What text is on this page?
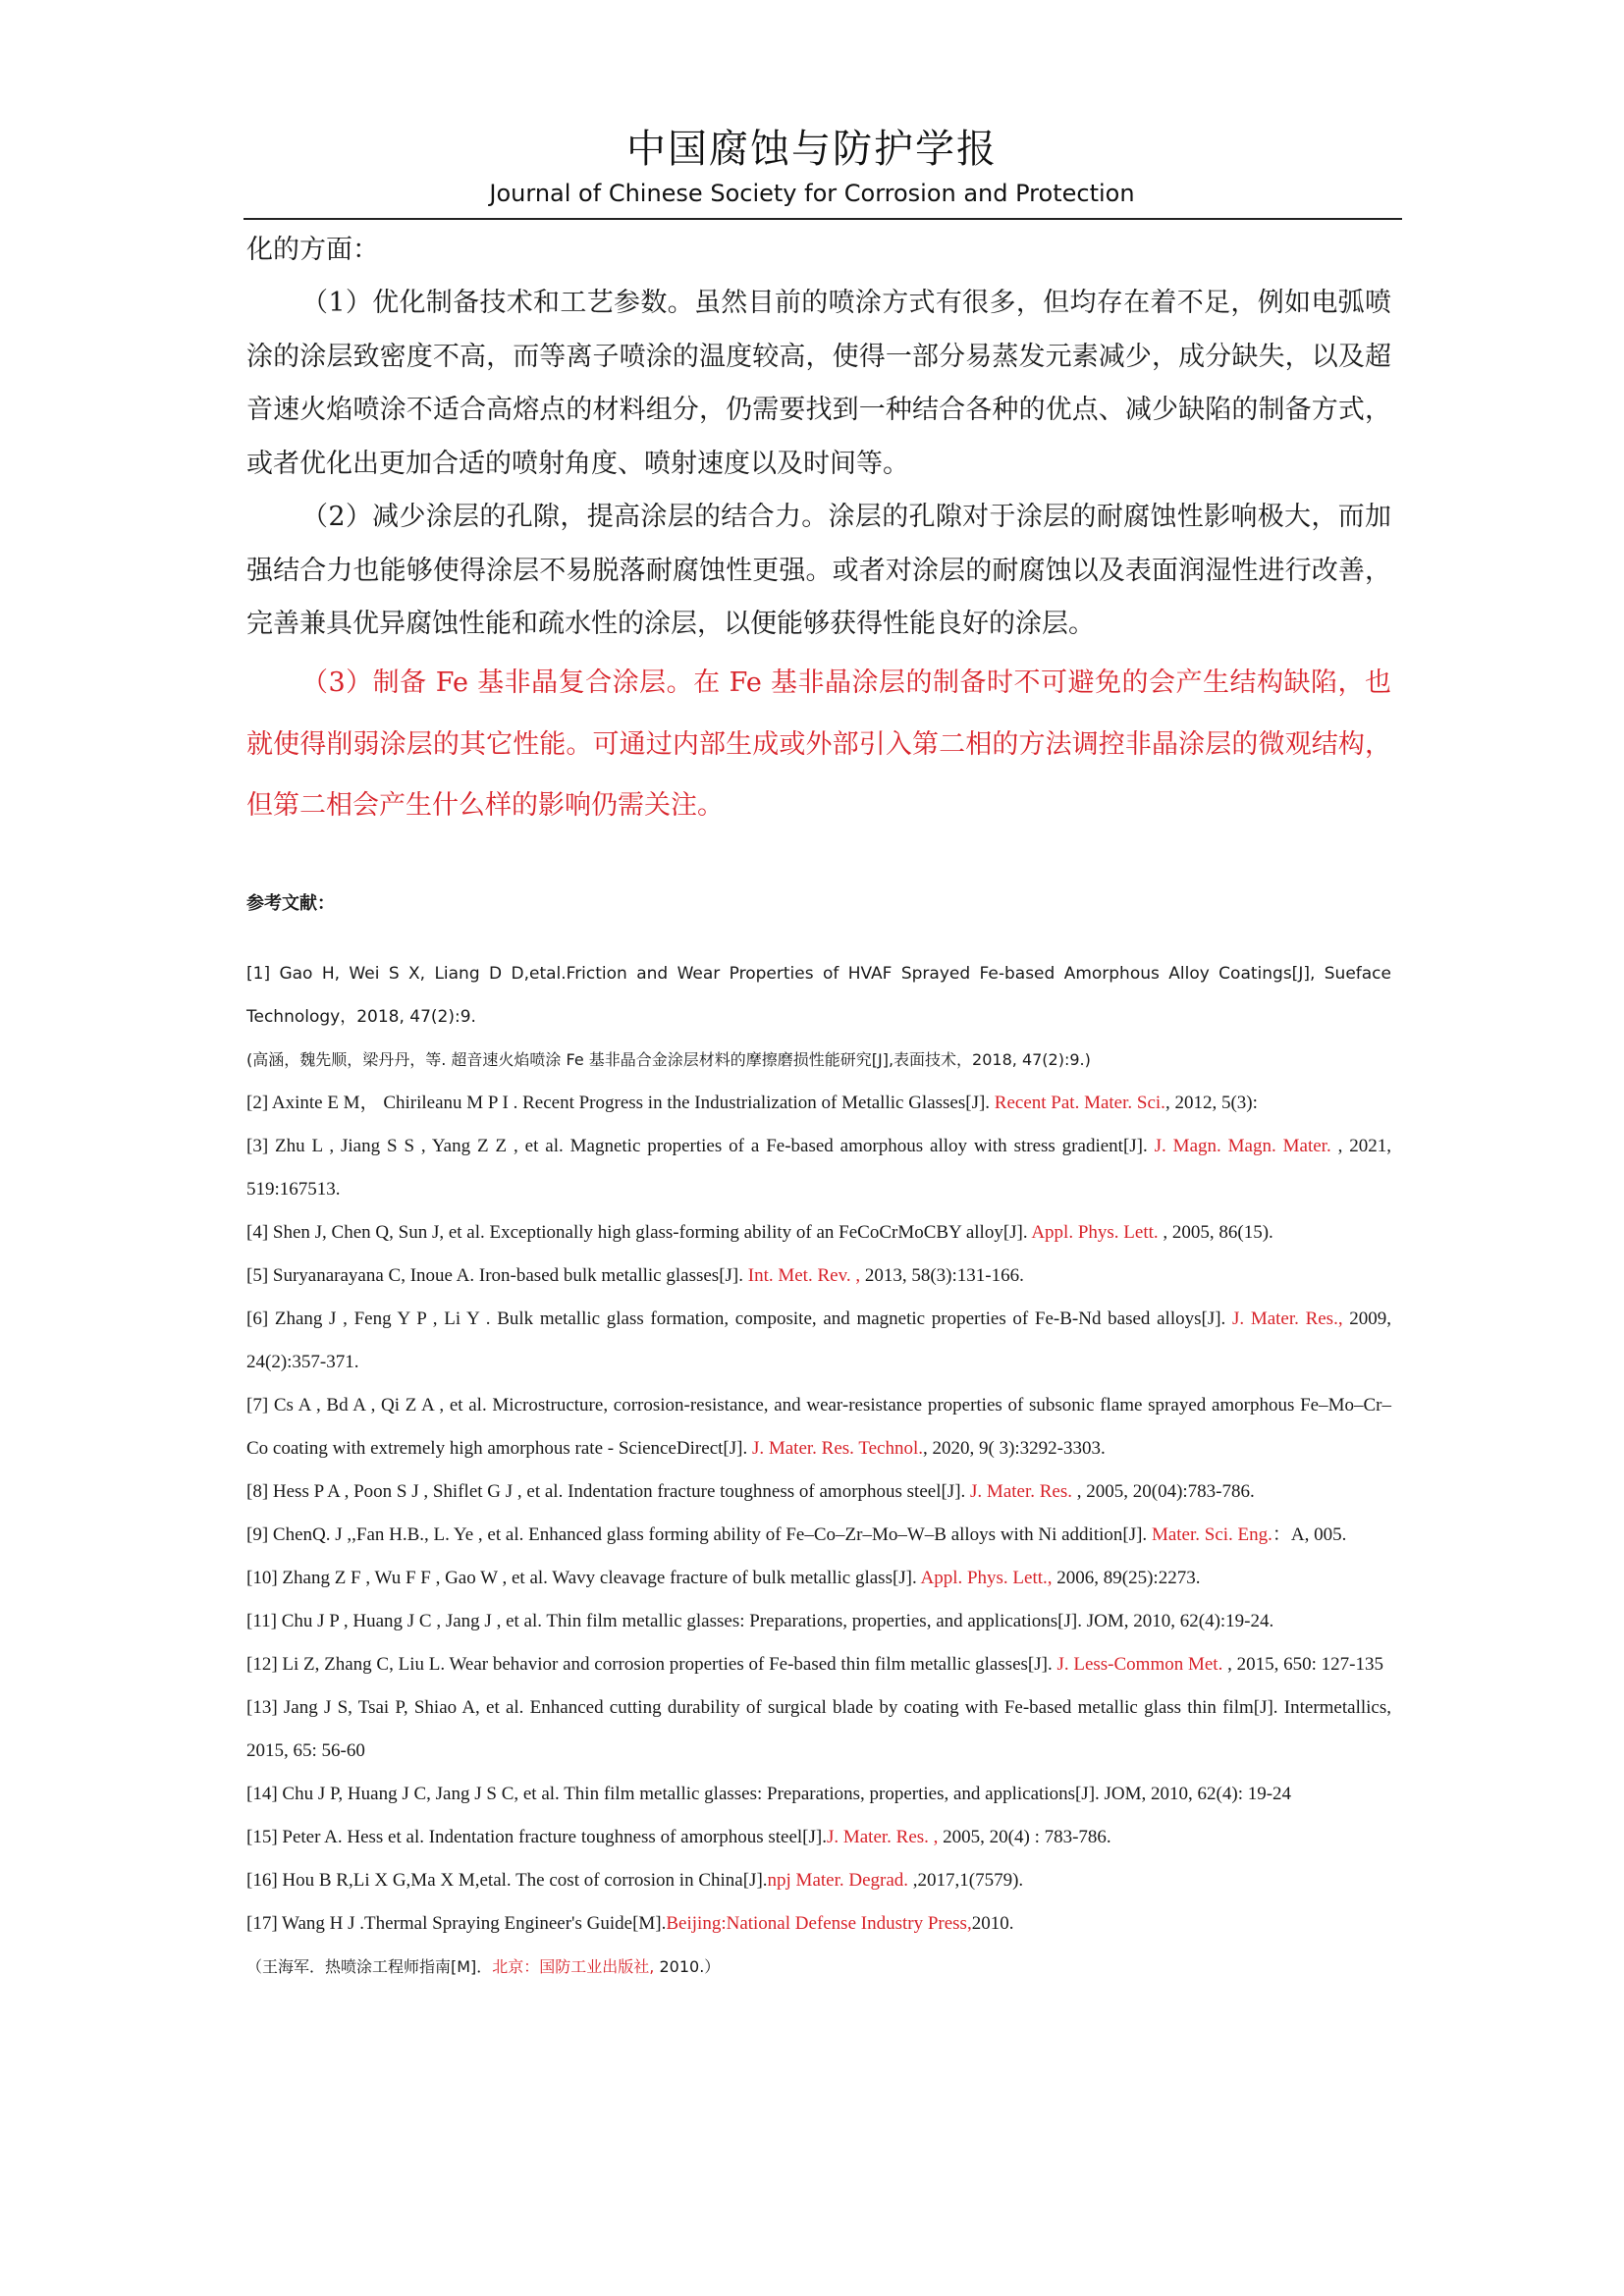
中国腐蚀与防护学报
Journal of Chinese Society for Corrosion and Protection
化的方面：
（1）优化制备技术和工艺参数。虽然目前的喷涂方式有很多，但均存在着不足，例如电弧喷涂的涂层致密度不高，而等离子喷涂的温度较高，使得一部分易蒸发元素减少，成分缺失，以及超音速火焰喷涂不适合高熔点的材料组分，仍需要找到一种结合各种的优点、减少缺陷的制备方式，或者优化出更加合适的喷射角度、喷射速度以及时间等。
（2）减少涂层的孔隙，提高涂层的结合力。涂层的孔隙对于涂层的耐腐蚀性影响极大，而加强结合力也能够使得涂层不易脱落耐腐蚀性更强。或者对涂层的耐腐蚀以及表面润湿性进行改善，完善兼具优异腐蚀性能和疏水性的涂层，以便能够获得性能良好的涂层。
（3）制备 Fe 基非晶复合涂层。在 Fe 基非晶涂层的制备时不可避免的会产生结构缺陷，也就使得削弱涂层的其它性能。可通过内部生成或外部引入第二相的方法调控非晶涂层的微观结构，但第二相会产生什么样的影响仍需关注。
参考文献：
[1] Gao H, Wei S X, Liang D D,etal.Friction and Wear Properties of HVAF Sprayed Fe-based Amorphous Alloy Coatings[J], Sueface Technology，2018, 47(2):9.
(高涵，魏先顺，梁丹丹，等. 超音速火焰喷涂 Fe 基非晶合金涂层材料的摩擦磨损性能研究[J],表面技术，2018, 47(2):9.)
[2] Axinte E M， Chirileanu M P I . Recent Progress in the Industrialization of Metallic Glasses[J]. Recent Pat. Mater. Sci., 2012, 5(3):
[3] Zhu L , Jiang S S , Yang Z Z , et al. Magnetic properties of a Fe-based amorphous alloy with stress gradient[J]. J. Magn. Magn. Mater. , 2021, 519:167513.
[4] Shen J, Chen Q, Sun J, et al. Exceptionally high glass-forming ability of an FeCoCrMoCBY alloy[J]. Appl. Phys. Lett. , 2005, 86(15).
[5] Suryanarayana C, Inoue A. Iron-based bulk metallic glasses[J]. Int. Met. Rev. , 2013, 58(3):131-166.
[6] Zhang J , Feng Y P , Li Y . Bulk metallic glass formation, composite, and magnetic properties of Fe-B-Nd based alloys[J]. J. Mater. Res., 2009, 24(2):357-371.
[7] Cs A , Bd A , Qi Z A , et al. Microstructure, corrosion-resistance, and wear-resistance properties of subsonic flame sprayed amorphous Fe–Mo–Cr–Co coating with extremely high amorphous rate - ScienceDirect[J]. J. Mater. Res. Technol., 2020, 9( 3):3292-3303.
[8] Hess P A , Poon S J , Shiflet G J , et al. Indentation fracture toughness of amorphous steel[J]. J. Mater. Res. , 2005, 20(04):783-786.
[9] ChenQ. J ,,Fan H.B., L. Ye , et al. Enhanced glass forming ability of Fe–Co–Zr–Mo–W–B alloys with Ni addition[J]. Mater. Sci. Eng.：A, 005.
[10] Zhang Z F , Wu F F , Gao W , et al. Wavy cleavage fracture of bulk metallic glass[J]. Appl. Phys. Lett., 2006, 89(25):2273.
[11] Chu J P , Huang J C , Jang J , et al. Thin film metallic glasses: Preparations, properties, and applications[J]. JOM, 2010, 62(4):19-24.
[12] Li Z, Zhang C, Liu L. Wear behavior and corrosion properties of Fe-based thin film metallic glasses[J]. J. Less-Common Met. , 2015, 650: 127-135
[13] Jang J S, Tsai P, Shiao A, et al. Enhanced cutting durability of surgical blade by coating with Fe-based metallic glass thin film[J]. Intermetallics, 2015, 65: 56-60
[14] Chu J P, Huang J C, Jang J S C, et al. Thin film metallic glasses: Preparations, properties, and applications[J]. JOM, 2010, 62(4): 19-24
[15] Peter A. Hess et al. Indentation fracture toughness of amorphous steel[J].J. Mater. Res. , 2005, 20(4) : 783-786.
[16] Hou B R,Li X G,Ma X M,etal. The cost of corrosion in China[J].npj Mater. Degrad. ,2017,1(7579).
[17] Wang H J .Thermal Spraying Engineer's Guide[M].Beijing:National Defense Industry Press,2010.
（王海军．热喷涂工程师指南[M]．北京：国防工业出版社, 2010.）
